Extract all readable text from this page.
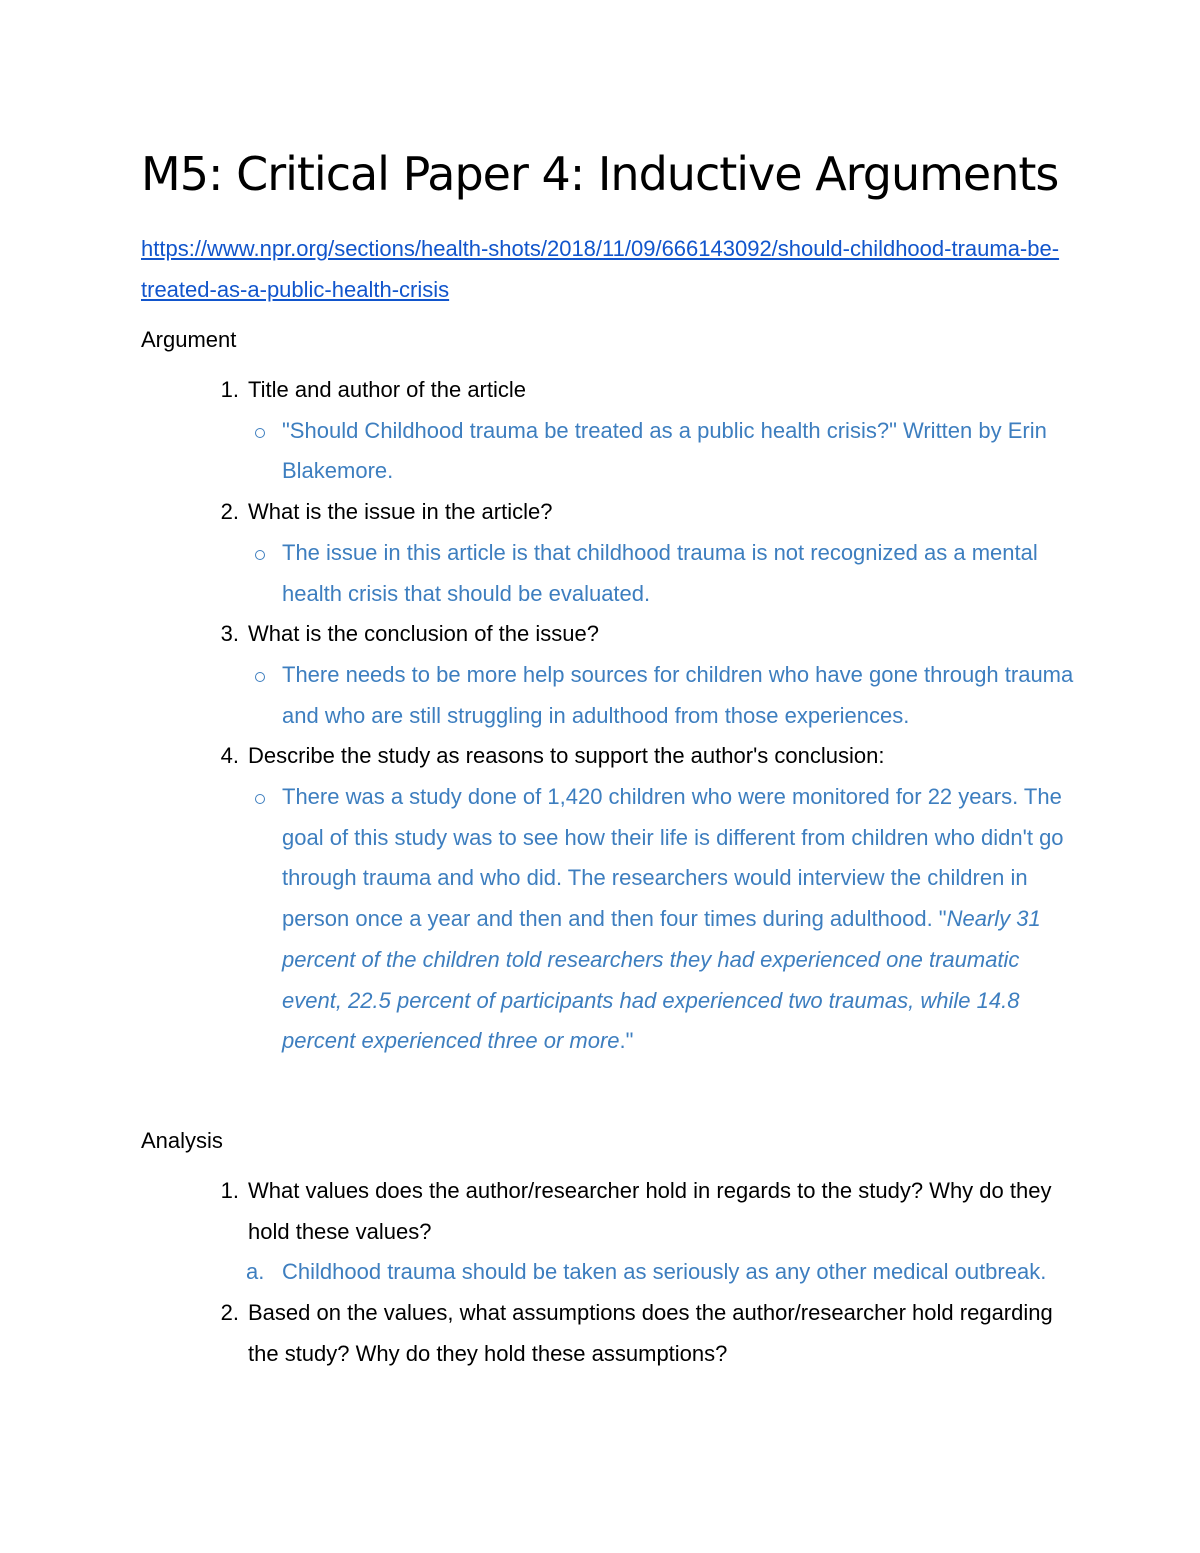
M5: Critical Paper 4: Inductive Arguments
https://www.npr.org/sections/health-shots/2018/11/09/666143092/should-childhood-trauma-be-treated-as-a-public-health-crisis

Argument

1. Title and author of the article
"Should Childhood trauma be treated as a public health crisis?" Written by Erin Blakemore.
2. What is the issue in the article?
The issue in this article is that childhood trauma is not recognized as a mental health crisis that should be evaluated.
3. What is the conclusion of the issue?
There needs to be more help sources for children who have gone through trauma and who are still struggling in adulthood from those experiences.
4. Describe the study as reasons to support the author's conclusion:
There was a study done of 1,420 children who were monitored for 22 years. The goal of this study was to see how their life is different from children who didn't go through trauma and who did. The researchers would interview the children in person once a year and then and then four times during adulthood. "Nearly 31 percent of the children told researchers they had experienced one traumatic event, 22.5 percent of participants had experienced two traumas, while 14.8 percent experienced three or more."

Analysis

1. What values does the author/researcher hold in regards to the study? Why do they hold these values?
a. Childhood trauma should be taken as seriously as any other medical outbreak.
2. Based on the values, what assumptions does the author/researcher hold regarding the study? Why do they hold these assumptions?
